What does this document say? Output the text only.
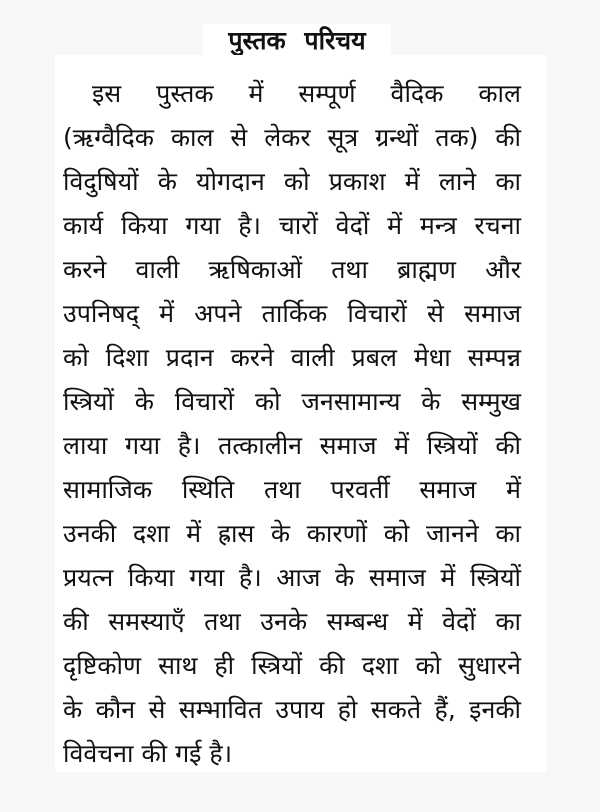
पुस्तक परिचय
इस पुस्तक में सम्पूर्ण वैदिक काल
(ऋग्वैदिक काल से लेकर सूत्र ग्रन्थों तक) की
विदुषियों के योगदान को प्रकाश में लाने का
कार्य किया गया है। चारों वेदों में मन्त्र रचना
करने वाली ऋषिकाओं तथा ब्राह्मण और
उपनिषद् में अपने तार्किक विचारों से समाज
को दिशा प्रदान करने वाली प्रबल मेधा सम्पन्न
स्त्रियों के विचारों को जनसामान्य के सम्मुख
लाया गया है। तत्कालीन समाज में स्त्रियों की
सामाजिक स्थिति तथा परवर्ती समाज में
उनकी दशा में ह्रास के कारणों को जानने का
प्रयत्न किया गया है। आज के समाज में स्त्रियों
की समस्याएँ तथा उनके सम्बन्ध में वेदों का
दृष्टिकोण साथ ही स्त्रियों की दशा को सुधारने
के कौन से सम्भावित उपाय हो सकते हैं, इनकी
विवेचना की गई है।
